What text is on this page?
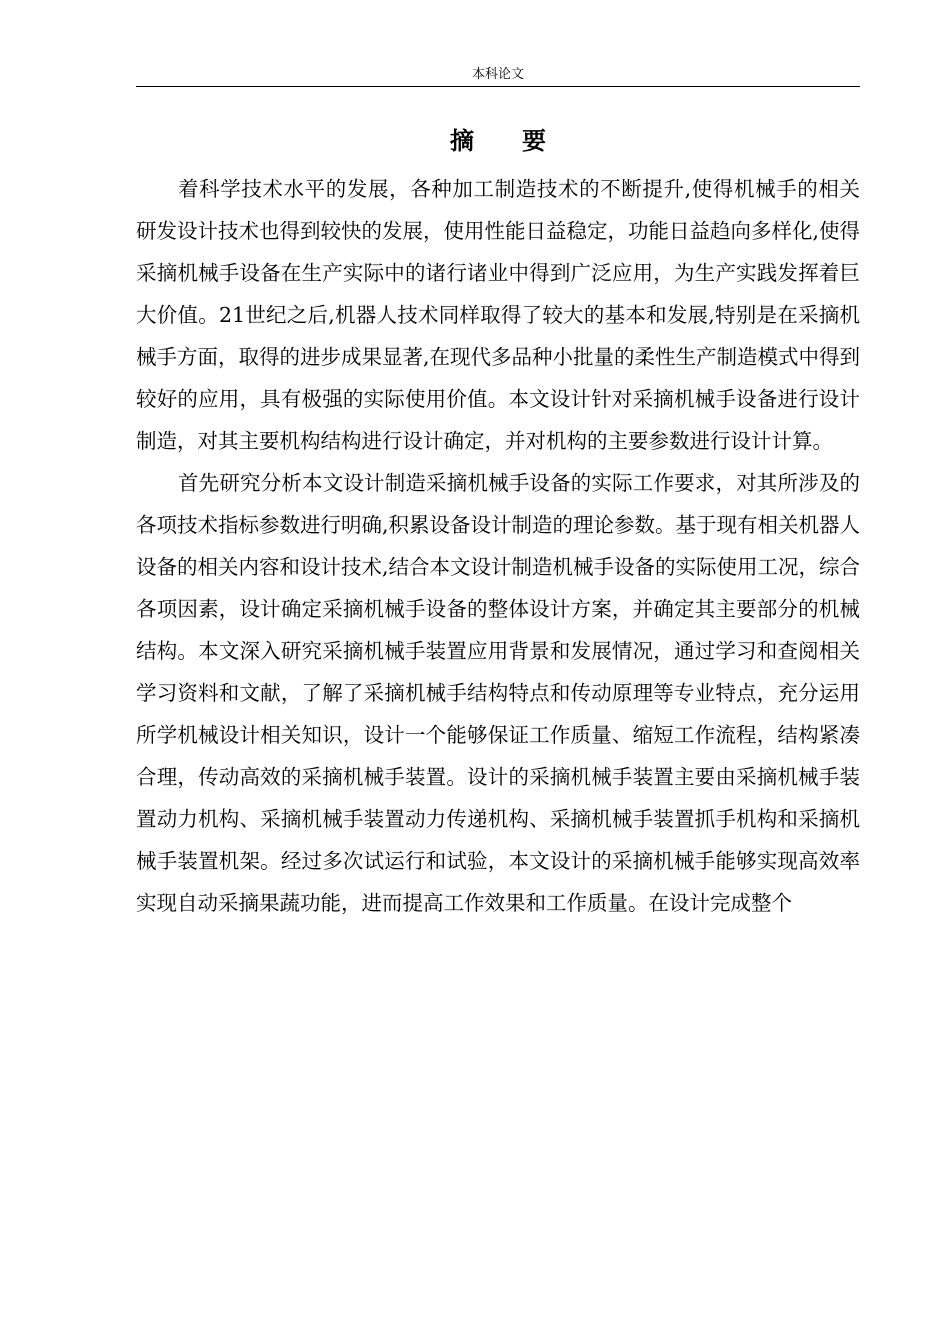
本科论文
摘要

着科学技术水平的发展，各种加工制造技术的不断提升,使得机械手的相关研发设计技术也得到较快的发展，使用性能日益稳定，功能日益趋向多样化,使得采摘机械手设备在生产实际中的诸行诸业中得到广泛应用，为生产实践发挥着巨大价值。21世纪之后,机器人技术同样取得了较大的基本和发展,特别是在采摘机械手方面，取得的进步成果显著,在现代多品种小批量的柔性生产制造模式中得到较好的应用，具有极强的实际使用价值。本文设计针对采摘机械手设备进行设计制造，对其主要机构结构进行设计确定，并对机构的主要参数进行设计计算。

首先研究分析本文设计制造采摘机械手设备的实际工作要求，对其所涉及的各项技术指标参数进行明确,积累设备设计制造的理论参数。基于现有相关机器人设备的相关内容和设计技术,结合本文设计制造机械手设备的实际使用工况，综合各项因素，设计确定采摘机械手设备的整体设计方案，并确定其主要部分的机械结构。本文深入研究采摘机械手装置应用背景和发展情况，通过学习和查阅相关学习资料和文献，了解了采摘机械手结构特点和传动原理等专业特点，充分运用所学机械设计相关知识，设计一个能够保证工作质量、缩短工作流程，结构紧凑合理，传动高效的采摘机械手装置。设计的采摘机械手装置主要由采摘机械手装置动力机构、采摘机械手装置动力传递机构、采摘机械手装置抓手机构和采摘机械手装置机架。经过多次试运行和试验，本文设计的采摘机械手能够实现高效率实现自动采摘果蔬功能，进而提高工作效果和工作质量。在设计完成整个
